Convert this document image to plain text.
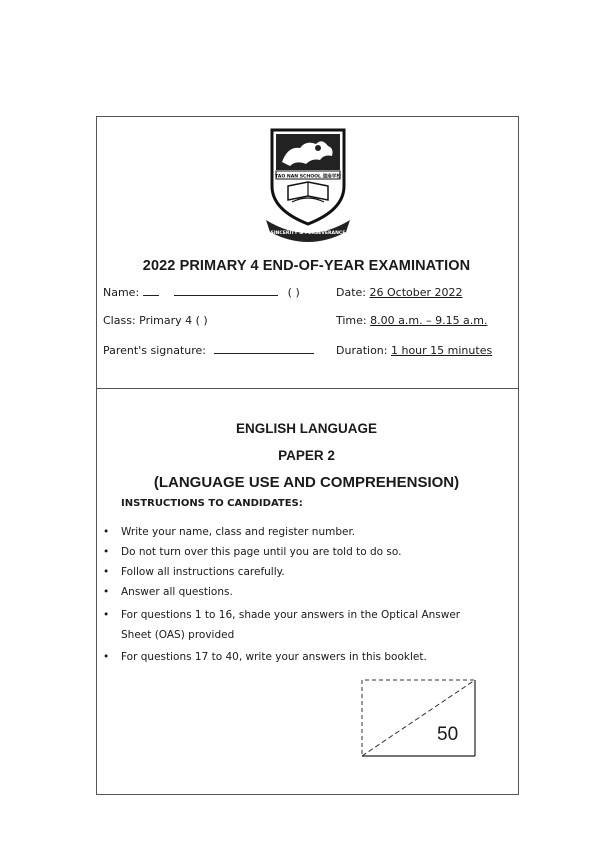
TAO NAN SCHOOL 道南学校
SINCERITY & PERSEVERANCE
2022 PRIMARY 4 END-OF-YEAR EXAMINATION
Name:	( )
Class: Primary 4 ( )
Parent's signature:
Date: 26 October 2022
Time: 8.00 a.m. – 9.15 a.m.
Duration: 1 hour 15 minutes
ENGLISH LANGUAGE
PAPER 2
(LANGUAGE USE AND COMPREHENSION)
INSTRUCTIONS TO CANDIDATES:
• Write your name, class and register number.
• Do not turn over this page until you are told to do so.
• Follow all instructions carefully.
• Answer all questions.
• For questions 1 to 16, shade your answers in the Optical Answer Sheet (OAS) provided
• For questions 17 to 40, write your answers in this booklet.
50
